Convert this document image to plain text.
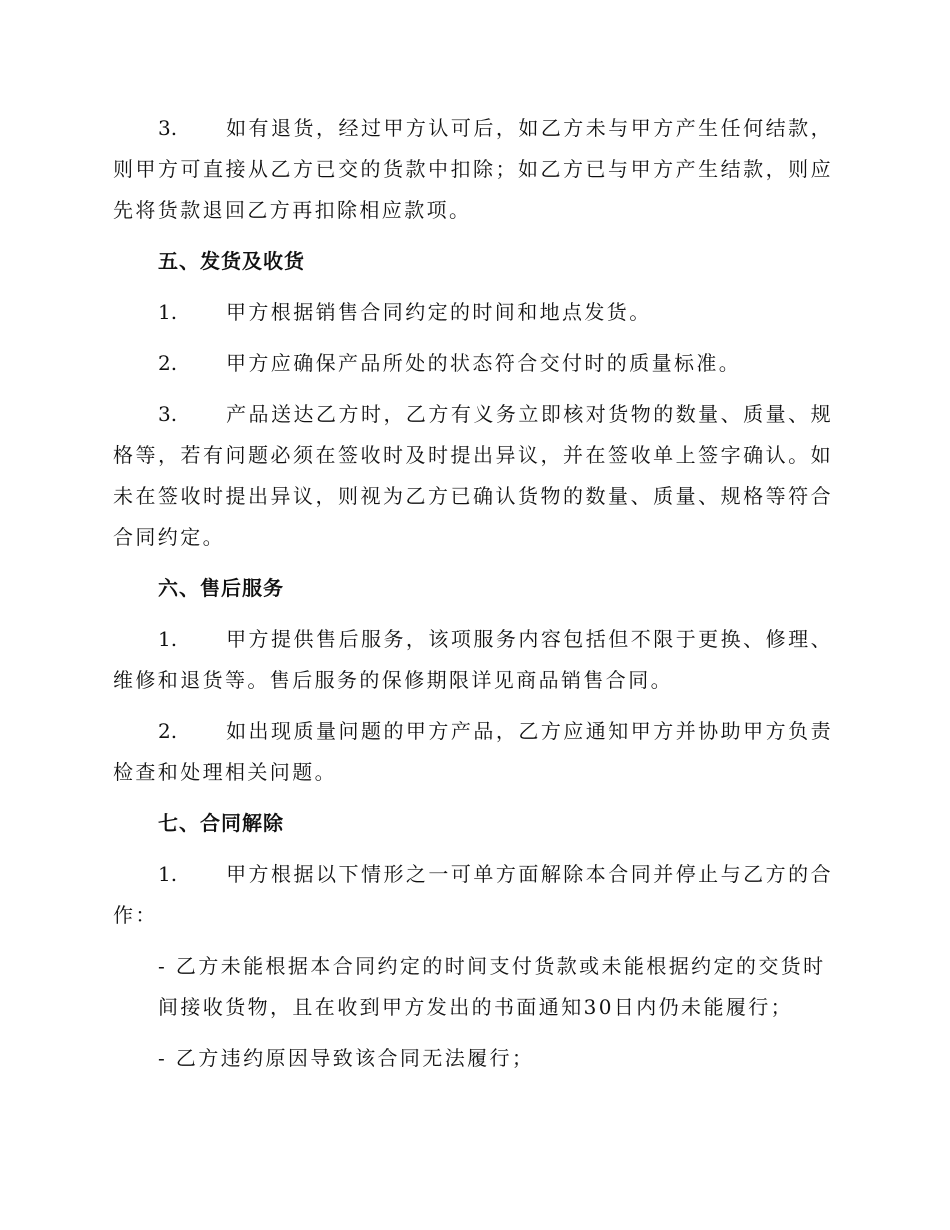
3. 如有退货，经过甲方认可后，如乙方未与甲方产生任何结款，则甲方可直接从乙方已交的货款中扣除；如乙方已与甲方产生结款，则应先将货款退回乙方再扣除相应款项。

五、发货及收货

1. 甲方根据销售合同约定的时间和地点发货。

2. 甲方应确保产品所处的状态符合交付时的质量标准。

3. 产品送达乙方时，乙方有义务立即核对货物的数量、质量、规格等，若有问题必须在签收时及时提出异议，并在签收单上签字确认。如未在签收时提出异议，则视为乙方已确认货物的数量、质量、规格等符合合同约定。

六、售后服务

1. 甲方提供售后服务，该项服务内容包括但不限于更换、修理、维修和退货等。售后服务的保修期限详见商品销售合同。

2. 如出现质量问题的甲方产品，乙方应通知甲方并协助甲方负责检查和处理相关问题。

七、合同解除

1. 甲方根据以下情形之一可单方面解除本合同并停止与乙方的合作：

- 乙方未能根据本合同约定的时间支付货款或未能根据约定的交货时间接收货物，且在收到甲方发出的书面通知30日内仍未能履行；

- 乙方违约原因导致该合同无法履行；
